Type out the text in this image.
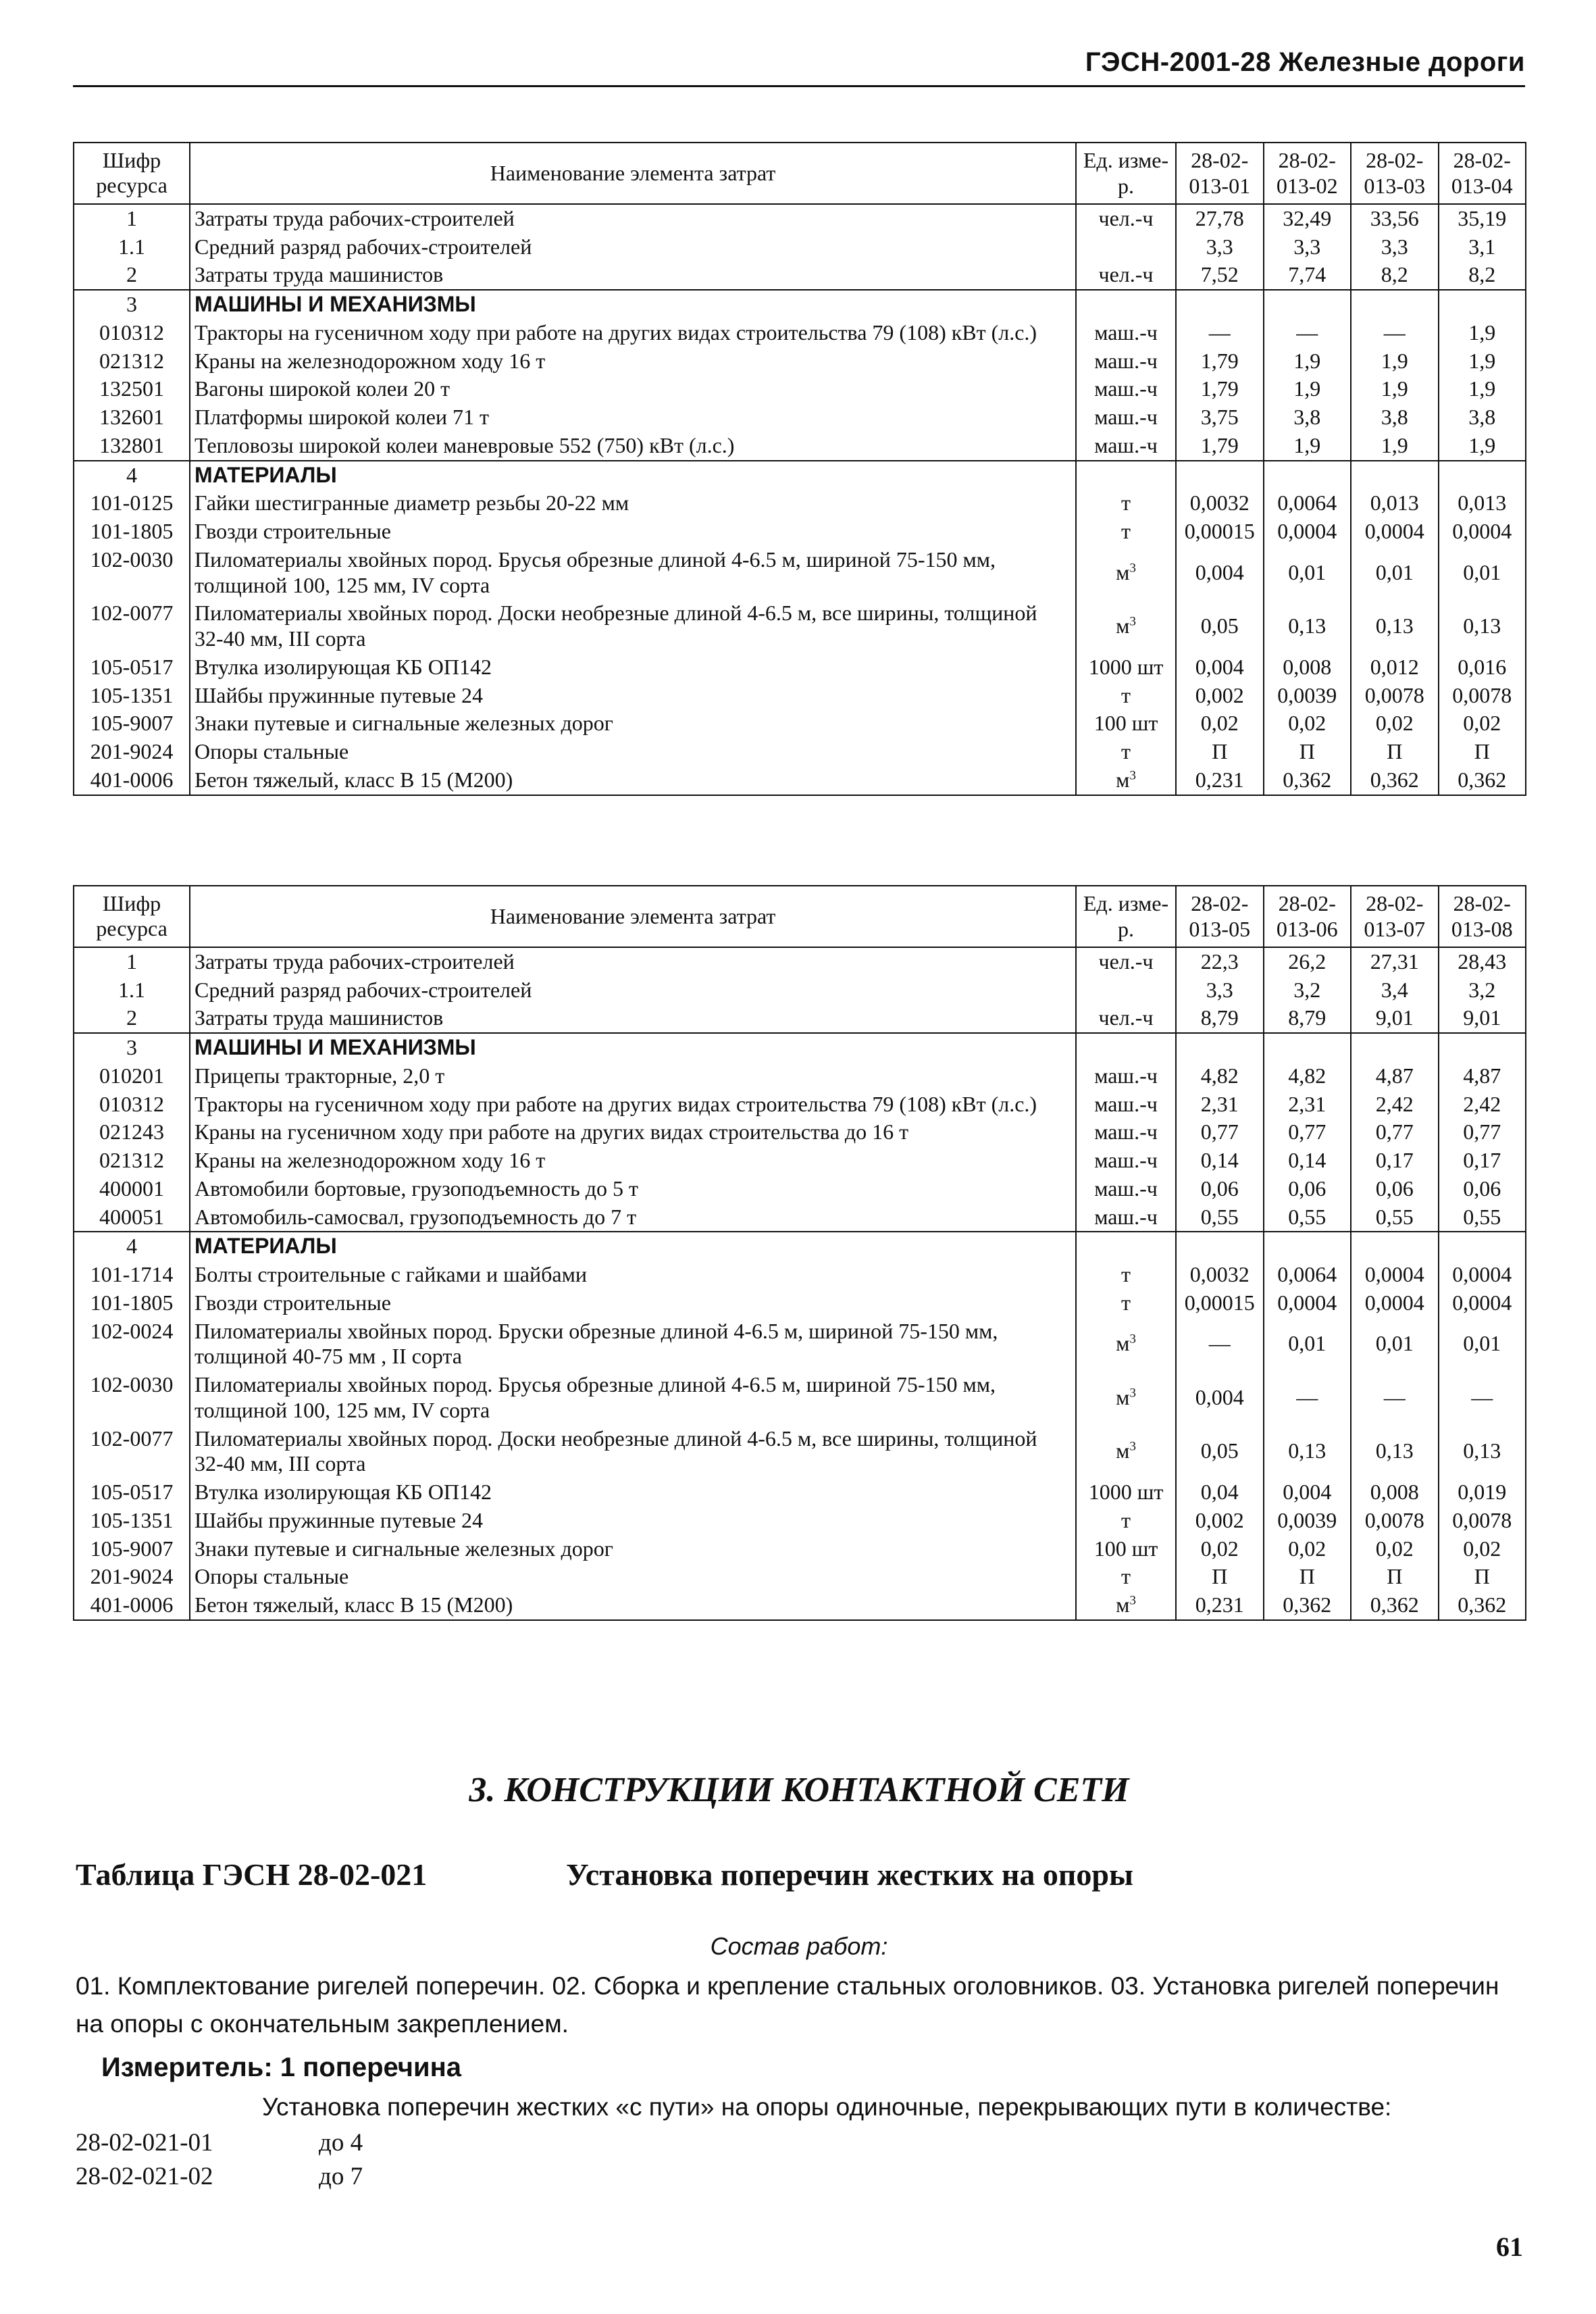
ГЭСН-2001-28 Железные дороги
Шифр ресурса	Наименование элемента затрат	Ед. изме-р.	28-02-013-01	28-02-013-02	28-02-013-03	28-02-013-04
1	Затраты труда рабочих-строителей	чел.-ч	27,78	32,49	33,56	35,19
1.1	Средний разряд рабочих-строителей		3,3	3,3	3,3	3,1
2	Затраты труда машинистов	чел.-ч	7,52	7,74	8,2	8,2
3	МАШИНЫ И МЕХАНИЗМЫ					
010312	Тракторы на гусеничном ходу при работе на других видах строительства 79 (108) кВт (л.с.)	маш.-ч	—	—	—	1,9
021312	Краны на железнодорожном ходу 16 т	маш.-ч	1,79	1,9	1,9	1,9
132501	Вагоны широкой колеи 20 т	маш.-ч	1,79	1,9	1,9	1,9
132601	Платформы широкой колеи 71 т	маш.-ч	3,75	3,8	3,8	3,8
132801	Тепловозы широкой колеи маневровые 552 (750) кВт (л.с.)	маш.-ч	1,79	1,9	1,9	1,9
4	МАТЕРИАЛЫ					
101-0125	Гайки шестигранные диаметр резьбы 20-22 мм	т	0,0032	0,0064	0,013	0,013
101-1805	Гвозди строительные	т	0,00015	0,0004	0,0004	0,0004
102-0030	Пиломатериалы хвойных пород. Брусья обрезные длиной 4-6.5 м, шириной 75-150 мм, толщиной 100, 125 мм, IV сорта	$м^3$	0,004	0,01	0,01	0,01
102-0077	Пиломатериалы хвойных пород. Доски необрезные длиной 4-6.5 м, все ширины, толщиной 32-40 мм, III сорта	$м^3$	0,05	0,13	0,13	0,13
105-0517	Втулка изолирующая КБ ОП142	1000 шт	0,004	0,008	0,012	0,016
105-1351	Шайбы пружинные путевые 24	т	0,002	0,0039	0,0078	0,0078
105-9007	Знаки путевые и сигнальные железных дорог	100 шт	0,02	0,02	0,02	0,02
201-9024	Опоры стальные	т	П	П	П	П
401-0006	Бетон тяжелый, класс В 15 (М200)	$м^3$	0,231	0,362	0,362	0,362
Шифр ресурса	Наименование элемента затрат	Ед. изме-р.	28-02-013-05	28-02-013-06	28-02-013-07	28-02-013-08
1	Затраты труда рабочих-строителей	чел.-ч	22,3	26,2	27,31	28,43
1.1	Средний разряд рабочих-строителей		3,3	3,2	3,4	3,2
2	Затраты труда машинистов	чел.-ч	8,79	8,79	9,01	9,01
3	МАШИНЫ И МЕХАНИЗМЫ					
010201	Прицепы тракторные, 2,0 т	маш.-ч	4,82	4,82	4,87	4,87
010312	Тракторы на гусеничном ходу при работе на других видах строительства 79 (108) кВт (л.с.)	маш.-ч	2,31	2,31	2,42	2,42
021243	Краны на гусеничном ходу при работе на других видах строительства до 16 т	маш.-ч	0,77	0,77	0,77	0,77
021312	Краны на железнодорожном ходу 16 т	маш.-ч	0,14	0,14	0,17	0,17
400001	Автомобили бортовые, грузоподъемность до 5 т	маш.-ч	0,06	0,06	0,06	0,06
400051	Автомобиль-самосвал, грузоподъемность до 7 т	маш.-ч	0,55	0,55	0,55	0,55
4	МАТЕРИАЛЫ					
101-1714	Болты строительные с гайками и шайбами	т	0,0032	0,0064	0,0004	0,0004
101-1805	Гвозди строительные	т	0,00015	0,0004	0,0004	0,0004
102-0024	Пиломатериалы хвойных пород. Бруски обрезные длиной 4-6.5 м, шириной 75-150 мм, толщиной 40-75 мм , II сорта	$м^3$	—	0,01	0,01	0,01
102-0030	Пиломатериалы хвойных пород. Брусья обрезные длиной 4-6.5 м, шириной 75-150 мм, толщиной 100, 125 мм, IV сорта	$м^3$	0,004	—	—	—
102-0077	Пиломатериалы хвойных пород. Доски необрезные длиной 4-6.5 м, все ширины, толщиной 32-40 мм, III сорта	$м^3$	0,05	0,13	0,13	0,13
105-0517	Втулка изолирующая КБ ОП142	1000 шт	0,04	0,004	0,008	0,019
105-1351	Шайбы пружинные путевые 24	т	0,002	0,0039	0,0078	0,0078
105-9007	Знаки путевые и сигнальные железных дорог	100 шт	0,02	0,02	0,02	0,02
201-9024	Опоры стальные	т	П	П	П	П
401-0006	Бетон тяжелый, класс В 15 (М200)	$м^3$	0,231	0,362	0,362	0,362
3. КОНСТРУКЦИИ КОНТАКТНОЙ СЕТИ
Таблица ГЭСН 28-02-021	Установка поперечин жестких на опоры
Состав работ:
01. Комплектование ригелей поперечин. 02. Сборка и крепление стальных оголовников. 03. Установка ригелей поперечин на опоры с окончательным закреплением.
Измеритель: 1 поперечина
Установка поперечин жестких «с пути» на опоры одиночные, перекрывающих пути в количестве:
28-02-021-01	до 4
28-02-021-02	до 7
61
